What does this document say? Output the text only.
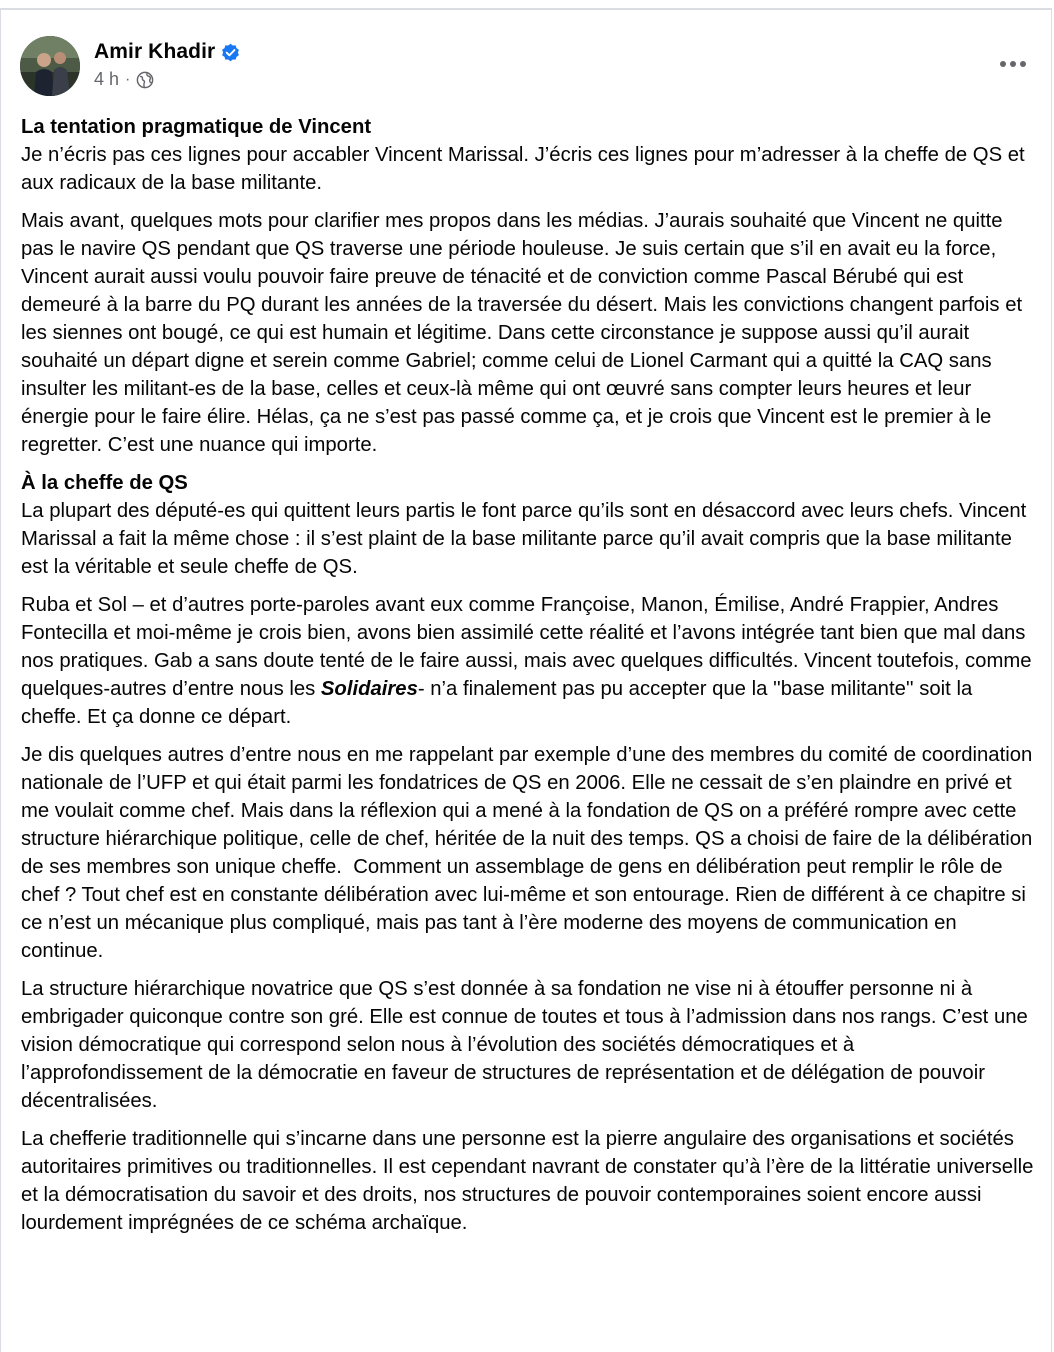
Amir Khadir
4 h ·

La tentation pragmatique de Vincent
Je n’écris pas ces lignes pour accabler Vincent Marissal. J’écris ces lignes pour m’adresser à la cheffe de QS et aux radicaux de la base militante.

Mais avant, quelques mots pour clarifier mes propos dans les médias. J’aurais souhaité que Vincent ne quitte pas le navire QS pendant que QS traverse une période houleuse. Je suis certain que s’il en avait eu la force, Vincent aurait aussi voulu pouvoir faire preuve de ténacité et de conviction comme Pascal Bérubé qui est demeuré à la barre du PQ durant les années de la traversée du désert. Mais les convictions changent parfois et les siennes ont bougé, ce qui est humain et légitime. Dans cette circonstance je suppose aussi qu’il aurait souhaité un départ digne et serein comme Gabriel; comme celui de Lionel Carmant qui a quitté la CAQ sans insulter les militant-es de la base, celles et ceux-là même qui ont œuvré sans compter leurs heures et leur énergie pour le faire élire. Hélas, ça ne s’est pas passé comme ça, et je crois que Vincent est le premier à le regretter. C’est une nuance qui importe.

À la cheffe de QS
La plupart des député-es qui quittent leurs partis le font parce qu’ils sont en désaccord avec leurs chefs. Vincent Marissal a fait la même chose : il s’est plaint de la base militante parce qu’il avait compris que la base militante est la véritable et seule cheffe de QS.

Ruba et Sol – et d’autres porte-paroles avant eux comme Françoise, Manon, Émilise, André Frappier, Andres Fontecilla et moi-même je crois bien, avons bien assimilé cette réalité et l’avons intégrée tant bien que mal dans nos pratiques. Gab a sans doute tenté de le faire aussi, mais avec quelques difficultés. Vincent toutefois, comme quelques-autres d’entre nous les Solidaires- n’a finalement pas pu accepter que la ''base militante'' soit la cheffe. Et ça donne ce départ.

Je dis quelques autres d’entre nous en me rappelant par exemple d’une des membres du comité de coordination nationale de l’UFP et qui était parmi les fondatrices de QS en 2006. Elle ne cessait de s’en plaindre en privé et me voulait comme chef. Mais dans la réflexion qui a mené à la fondation de QS on a préféré rompre avec cette structure hiérarchique politique, celle de chef, héritée de la nuit des temps. QS a choisi de faire de la délibération de ses membres son unique cheffe.  Comment un assemblage de gens en délibération peut remplir le rôle de chef ? Tout chef est en constante délibération avec lui-même et son entourage. Rien de différent à ce chapitre si ce n’est un mécanique plus compliqué, mais pas tant à l’ère moderne des moyens de communication en continue.

La structure hiérarchique novatrice que QS s’est donnée à sa fondation ne vise ni à étouffer personne ni à embrigader quiconque contre son gré. Elle est connue de toutes et tous à l’admission dans nos rangs. C’est une vision démocratique qui correspond selon nous à l’évolution des sociétés démocratiques et à l’approfondissement de la démocratie en faveur de structures de représentation et de délégation de pouvoir décentralisées.

La chefferie traditionnelle qui s’incarne dans une personne est la pierre angulaire des organisations et sociétés autoritaires primitives ou traditionnelles. Il est cependant navrant de constater qu’à l’ère de la littératie universelle et la démocratisation du savoir et des droits, nos structures de pouvoir contemporaines soient encore aussi lourdement imprégnées de ce schéma archaïque.
